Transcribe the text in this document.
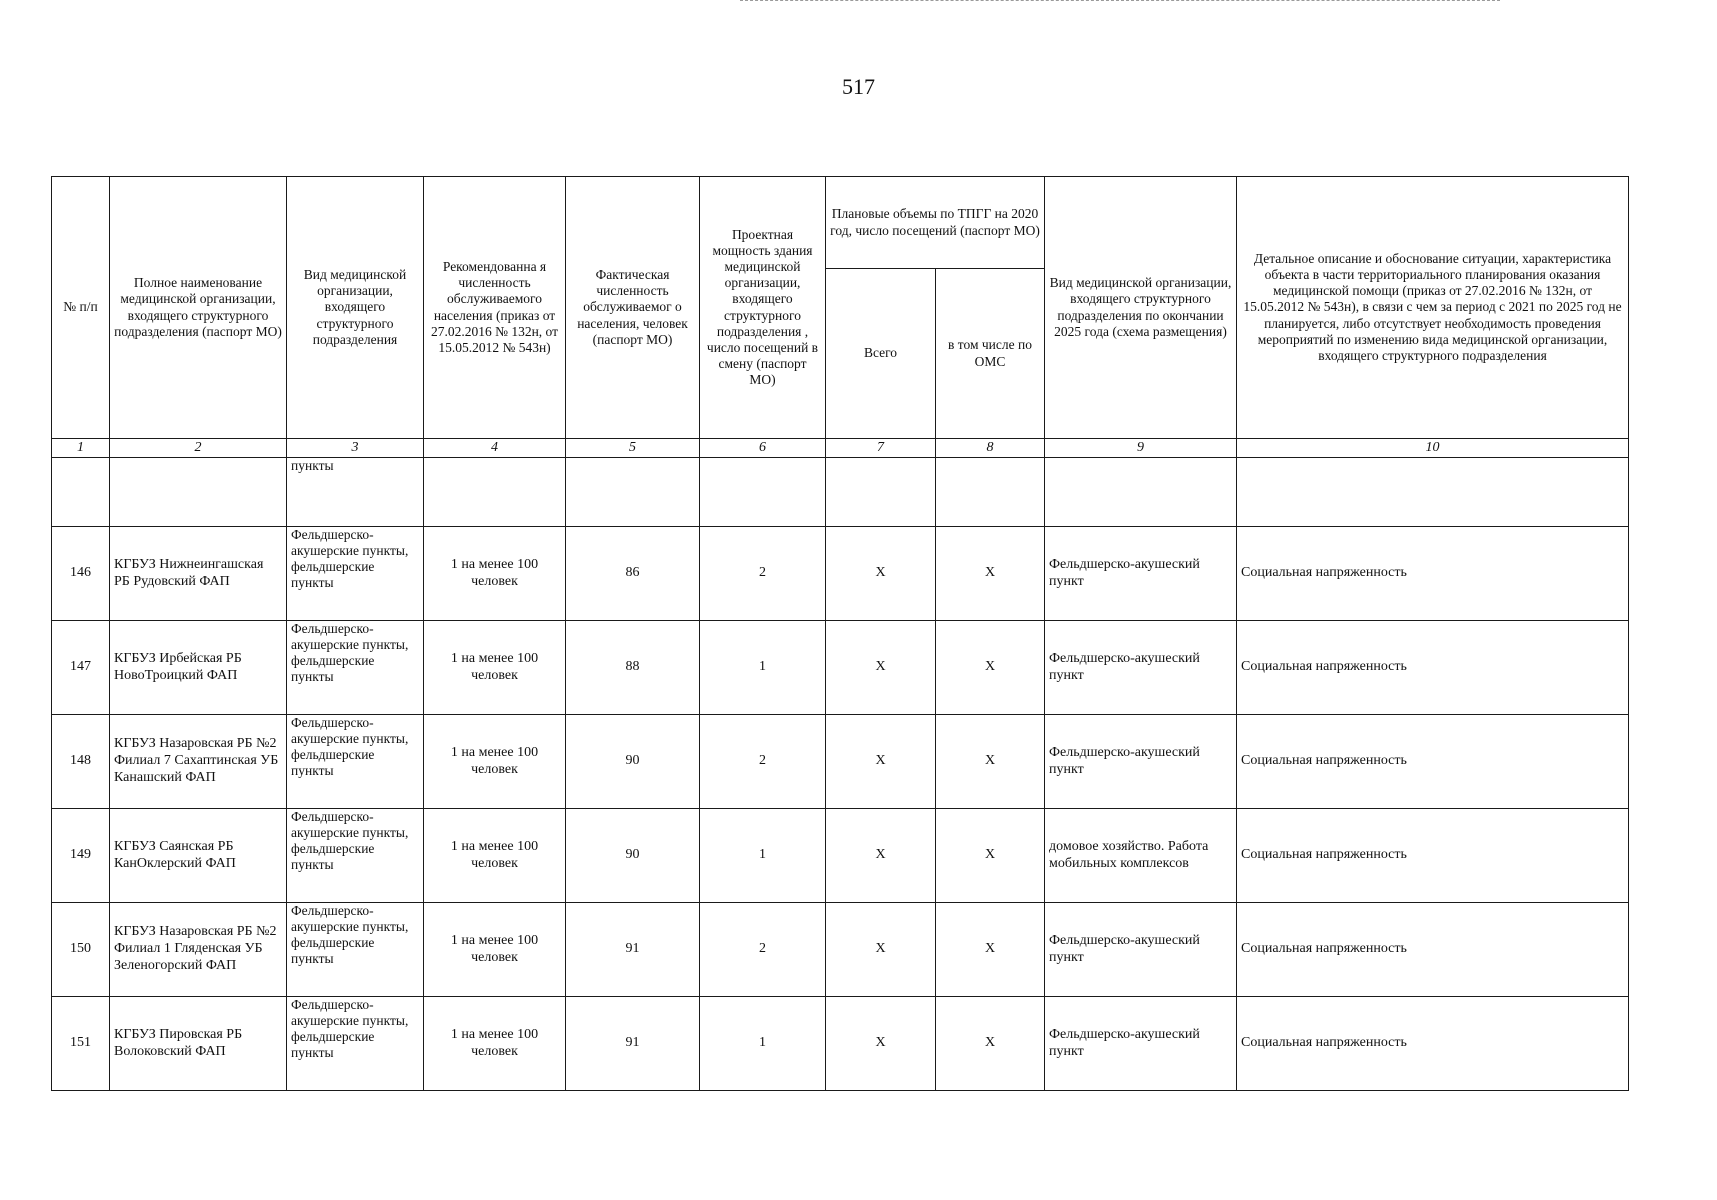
517
№ п/п	Полное наименование медицинской организации, входящего структурного подразделения (паспорт МО)	Вид медицинской организации, входящего структурного подразделения	Рекомендованна я численность обслуживаемого населения (приказ от 27.02.2016 № 132н, от 15.05.2012 № 543н)	Фактическая численность обслуживаемог о населения, человек (паспорт МО)	Проектная мощность здания медицинской организации, входящего структурного подразделения , число посещений в смену (паспорт МО)	Плановые объемы по ТПГГ на 2020 год, число посещений (паспорт МО)		Вид медицинской организации, входящего структурного подразделения по окончании 2025 года (схема размещения)	Детальное описание и обоснование ситуации, характеристика объекта в части территориального планирования оказания медицинской помощи (приказ от 27.02.2016 № 132н, от 15.05.2012 № 543н), в связи с чем за период с 2021 по 2025 год не планируется, либо отсутствует необходимость проведения мероприятий по изменению вида медицинской организации, входящего структурного подразделения
						Всего	в том числе по ОМС		
1	2	3	4	5	6	7	8	9	10
		пункты							
146	КГБУЗ Нижнеингашская РБ Рудовский ФАП	Фельдшерско-акушерские пункты, фельдшерские пункты	1 на менее 100 человек	86	2	Х	Х	Фельдшерско-акушеский пункт	Социальная напряженность
147	КГБУЗ Ирбейская РБ НовоТроицкий ФАП	Фельдшерско-акушерские пункты, фельдшерские пункты	1 на менее 100 человек	88	1	Х	Х	Фельдшерско-акушеский пункт	Социальная напряженность
148	КГБУЗ Назаровская РБ №2 Филиал 7 Сахаптинская УБ Канашский ФАП	Фельдшерско-акушерские пункты, фельдшерские пункты	1 на менее 100 человек	90	2	Х	Х	Фельдшерско-акушеский пункт	Социальная напряженность
149	КГБУЗ Саянская РБ КанОклерский ФАП	Фельдшерско-акушерские пункты, фельдшерские пункты	1 на менее 100 человек	90	1	Х	Х	домовое хозяйство. Работа мобильных комплексов	Социальная напряженность
150	КГБУЗ Назаровская РБ №2 Филиал 1 Гляденская УБ Зеленогорский ФАП	Фельдшерско-акушерские пункты, фельдшерские пункты	1 на менее 100 человек	91	2	Х	Х	Фельдшерско-акушеский пункт	Социальная напряженность
151	КГБУЗ Пировская РБ Волоковский ФАП	Фельдшерско-акушерские пункты, фельдшерские пункты	1 на менее 100 человек	91	1	Х	Х	Фельдшерско-акушеский пункт	Социальная напряженность
